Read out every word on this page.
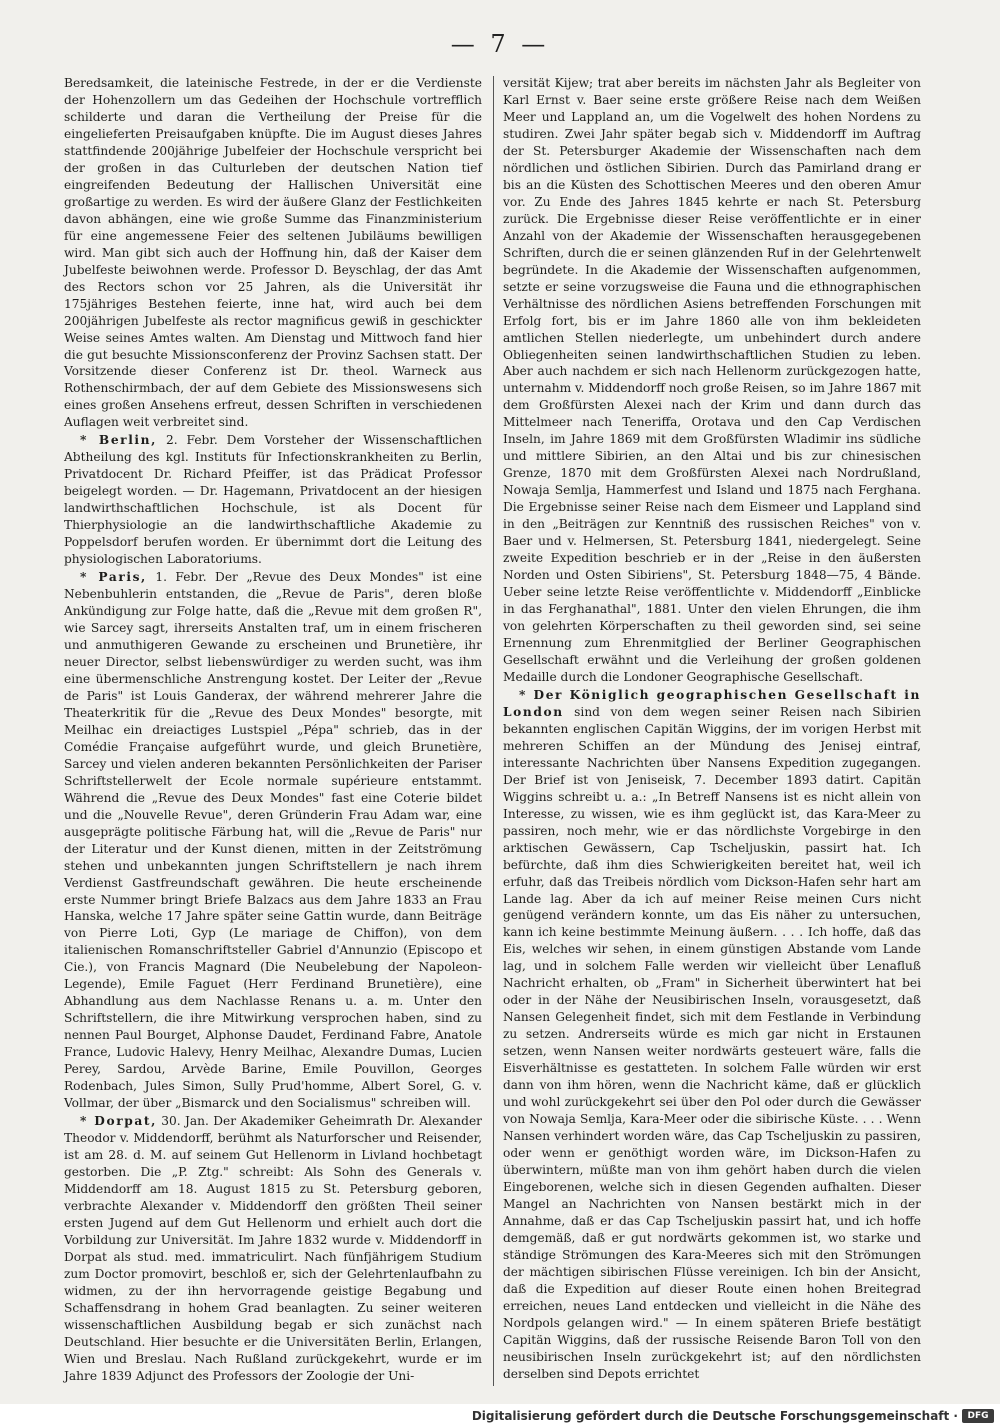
— 7 —

Beredsamkeit, die lateinische Festrede, in der er die Verdienste der Hohenzollern um das Gedeihen der Hochschule vortrefflich schilderte und daran die Vertheilung der Preise für die eingelieferten Preisaufgaben knüpfte. Die im August dieses Jahres stattfindende 200jährige Jubelfeier der Hochschule verspricht bei der großen in das Culturleben der deutschen Nation tief eingreifenden Bedeutung der Hallischen Universität eine großartige zu werden. Es wird der äußere Glanz der Festlichkeiten davon abhängen, eine wie große Summe das Finanzministerium für eine angemessene Feier des seltenen Jubiläums bewilligen wird. Man gibt sich auch der Hoffnung hin, daß der Kaiser dem Jubelfeste beiwohnen werde. Professor D. Beyschlag, der das Amt des Rectors schon vor 25 Jahren, als die Universität ihr 175jähriges Bestehen feierte, inne hat, wird auch bei dem 200jährigen Jubelfeste als rector magnificus gewiß in geschickter Weise seines Amtes walten. Am Dienstag und Mittwoch fand hier die gut besuchte Missionsconferenz der Provinz Sachsen statt. Der Vorsitzende dieser Conferenz ist Dr. theol. Warneck aus Rothenschirmbach, der auf dem Gebiete des Missionswesens sich eines großen Ansehens erfreut, dessen Schriften in verschiedenen Auflagen weit verbreitet sind.

* Berlin, 2. Febr. Dem Vorsteher der Wissenschaftlichen Abtheilung des kgl. Instituts für Infectionskrankheiten zu Berlin, Privatdocent Dr. Richard Pfeiffer, ist das Prädicat Professor beigelegt worden. — Dr. Hagemann, Privatdocent an der hiesigen landwirthschaftlichen Hochschule, ist als Docent für Thierphysiologie an die landwirthschaftliche Akademie zu Poppelsdorf berufen worden. Er übernimmt dort die Leitung des physiologischen Laboratoriums.

* Paris, 1. Febr. Der „Revue des Deux Mondes" ist eine Nebenbuhlerin entstanden, die „Revue de Paris", deren bloße Ankündigung zur Folge hatte, daß die „Revue mit dem großen R", wie Sarcey sagt, ihrerseits Anstalten traf, um in einem frischeren und anmuthigeren Gewande zu erscheinen und Brunetière, ihr neuer Director, selbst liebenswürdiger zu werden sucht, was ihm eine übermenschliche Anstrengung kostet. Der Leiter der „Revue de Paris" ist Louis Ganderax, der während mehrerer Jahre die Theaterkritik für die „Revue des Deux Mondes" besorgte, mit Meilhac ein dreiactiges Lustspiel „Pépa" schrieb, das in der Comédie Française aufgeführt wurde, und gleich Brunetière, Sarcey und vielen anderen bekannten Persönlichkeiten der Pariser Schriftstellerwelt der Ecole normale supérieure entstammt. Während die „Revue des Deux Mondes" fast eine Coterie bildet und die „Nouvelle Revue", deren Gründerin Frau Adam war, eine ausgeprägte politische Färbung hat, will die „Revue de Paris" nur der Literatur und der Kunst dienen, mitten in der Zeitströmung stehen und unbekannten jungen Schriftstellern je nach ihrem Verdienst Gastfreundschaft gewähren. Die heute erscheinende erste Nummer bringt Briefe Balzacs aus dem Jahre 1833 an Frau Hanska, welche 17 Jahre später seine Gattin wurde, dann Beiträge von Pierre Loti, Gyp (Le mariage de Chiffon), von dem italienischen Romanschriftsteller Gabriel d'Annunzio (Episcopo et Cie.), von Francis Magnard (Die Neubelebung der Napoleon-Legende), Emile Faguet (Herr Ferdinand Brunetière), eine Abhandlung aus dem Nachlasse Renans u. a. m. Unter den Schriftstellern, die ihre Mitwirkung versprochen haben, sind zu nennen Paul Bourget, Alphonse Daudet, Ferdinand Fabre, Anatole France, Ludovic Halevy, Henry Meilhac, Alexandre Dumas, Lucien Perey, Sardou, Arvède Barine, Emile Pouvillon, Georges Rodenbach, Jules Simon, Sully Prud'homme, Albert Sorel, G. v. Vollmar, der über „Bismarck und den Socialismus" schreiben will.

* Dorpat, 30. Jan. Der Akademiker Geheimrath Dr. Alexander Theodor v. Middendorff, berühmt als Naturforscher und Reisender, ist am 28. d. M. auf seinem Gut Hellenorm in Livland hochbetagt gestorben. Die „P. Ztg." schreibt: Als Sohn des Generals v. Middendorff am 18. August 1815 zu St. Petersburg geboren, verbrachte Alexander v. Middendorff den größten Theil seiner ersten Jugend auf dem Gut Hellenorm und erhielt auch dort die Vorbildung zur Universität. Im Jahre 1832 wurde v. Middendorff in Dorpat als stud. med. immatriculirt. Nach fünfjährigem Studium zum Doctor promovirt, beschloß er, sich der Gelehrtenlaufbahn zu widmen, zu der ihn hervorragende geistige Begabung und Schaffensdrang in hohem Grad beanlagten. Zu seiner weiteren wissenschaftlichen Ausbildung begab er sich zunächst nach Deutschland. Hier besuchte er die Universitäten Berlin, Erlangen, Wien und Breslau. Nach Rußland zurückgekehrt, wurde er im Jahre 1839 Adjunct des Professors der Zoologie der Uni-

versität Kijew; trat aber bereits im nächsten Jahr als Begleiter von Karl Ernst v. Baer seine erste größere Reise nach dem Weißen Meer und Lappland an, um die Vogelwelt des hohen Nordens zu studiren. Zwei Jahr später begab sich v. Middendorff im Auftrag der St. Petersburger Akademie der Wissenschaften nach dem nördlichen und östlichen Sibirien. Durch das Pamirland drang er bis an die Küsten des Schottischen Meeres und den oberen Amur vor. Zu Ende des Jahres 1845 kehrte er nach St. Petersburg zurück. Die Ergebnisse dieser Reise veröffentlichte er in einer Anzahl von der Akademie der Wissenschaften herausgegebenen Schriften, durch die er seinen glänzenden Ruf in der Gelehrtenwelt begründete. In die Akademie der Wissenschaften aufgenommen, setzte er seine vorzugsweise die Fauna und die ethnographischen Verhältnisse des nördlichen Asiens betreffenden Forschungen mit Erfolg fort, bis er im Jahre 1860 alle von ihm bekleideten amtlichen Stellen niederlegte, um unbehindert durch andere Obliegenheiten seinen landwirthschaftlichen Studien zu leben. Aber auch nachdem er sich nach Hellenorm zurückgezogen hatte, unternahm v. Middendorff noch große Reisen, so im Jahre 1867 mit dem Großfürsten Alexei nach der Krim und dann durch das Mittelmeer nach Teneriffa, Orotava und den Cap Verdischen Inseln, im Jahre 1869 mit dem Großfürsten Wladimir ins südliche und mittlere Sibirien, an den Altai und bis zur chinesischen Grenze, 1870 mit dem Großfürsten Alexei nach Nordrußland, Nowaja Semlja, Hammerfest und Island und 1875 nach Ferghana. Die Ergebnisse seiner Reise nach dem Eismeer und Lappland sind in den „Beiträgen zur Kenntniß des russischen Reiches" von v. Baer und v. Helmersen, St. Petersburg 1841, niedergelegt. Seine zweite Expedition beschrieb er in der „Reise in den äußersten Norden und Osten Sibiriens", St. Petersburg 1848—75, 4 Bände. Ueber seine letzte Reise veröffentlichte v. Middendorff „Einblicke in das Ferghanathal", 1881. Unter den vielen Ehrungen, die ihm von gelehrten Körperschaften zu theil geworden sind, sei seine Ernennung zum Ehrenmitglied der Berliner Geographischen Gesellschaft erwähnt und die Verleihung der großen goldenen Medaille durch die Londoner Geographische Gesellschaft.

* Der Königlich geographischen Gesellschaft in London sind von dem wegen seiner Reisen nach Sibirien bekannten englischen Capitän Wiggins, der im vorigen Herbst mit mehreren Schiffen an der Mündung des Jenisej eintraf, interessante Nachrichten über Nansens Expedition zugegangen. Der Brief ist von Jeniseisk, 7. December 1893 datirt. Capitän Wiggins schreibt u. a.: „In Betreff Nansens ist es nicht allein von Interesse, zu wissen, wie es ihm geglückt ist, das Kara-Meer zu passiren, noch mehr, wie er das nördlichste Vorgebirge in den arktischen Gewässern, Cap Tscheljuskin, passirt hat. Ich befürchte, daß ihm dies Schwierigkeiten bereitet hat, weil ich erfuhr, daß das Treibeis nördlich vom Dickson-Hafen sehr hart am Lande lag. Aber da ich auf meiner Reise meinen Curs nicht genügend verändern konnte, um das Eis näher zu untersuchen, kann ich keine bestimmte Meinung äußern. . . . Ich hoffe, daß das Eis, welches wir sehen, in einem günstigen Abstande vom Lande lag, und in solchem Falle werden wir vielleicht über Lenafluß Nachricht erhalten, ob „Fram" in Sicherheit überwintert hat bei oder in der Nähe der Neusibirischen Inseln, vorausgesetzt, daß Nansen Gelegenheit findet, sich mit dem Festlande in Verbindung zu setzen. Andrerseits würde es mich gar nicht in Erstaunen setzen, wenn Nansen weiter nordwärts gesteuert wäre, falls die Eisverhältnisse es gestatteten. In solchem Falle würden wir erst dann von ihm hören, wenn die Nachricht käme, daß er glücklich und wohl zurückgekehrt sei über den Pol oder durch die Gewässer von Nowaja Semlja, Kara-Meer oder die sibirische Küste. . . . Wenn Nansen verhindert worden wäre, das Cap Tscheljuskin zu passiren, oder wenn er genöthigt worden wäre, im Dickson-Hafen zu überwintern, müßte man von ihm gehört haben durch die vielen Eingeborenen, welche sich in diesen Gegenden aufhalten. Dieser Mangel an Nachrichten von Nansen bestärkt mich in der Annahme, daß er das Cap Tscheljuskin passirt hat, und ich hoffe demgemäß, daß er gut nordwärts gekommen ist, wo starke und ständige Strömungen des Kara-Meeres sich mit den Strömungen der mächtigen sibirischen Flüsse vereinigen. Ich bin der Ansicht, daß die Expedition auf dieser Route einen hohen Breitegrad erreichen, neues Land entdecken und vielleicht in die Nähe des Nordpols gelangen wird." — In einem späteren Briefe bestätigt Capitän Wiggins, daß der russische Reisende Baron Toll von den neusibirischen Inseln zurückgekehrt ist; auf den nördlichsten derselben sind Depots errichtet

Digitalisierung gefördert durch die Deutsche Forschungsgemeinschaft ·	DFG
